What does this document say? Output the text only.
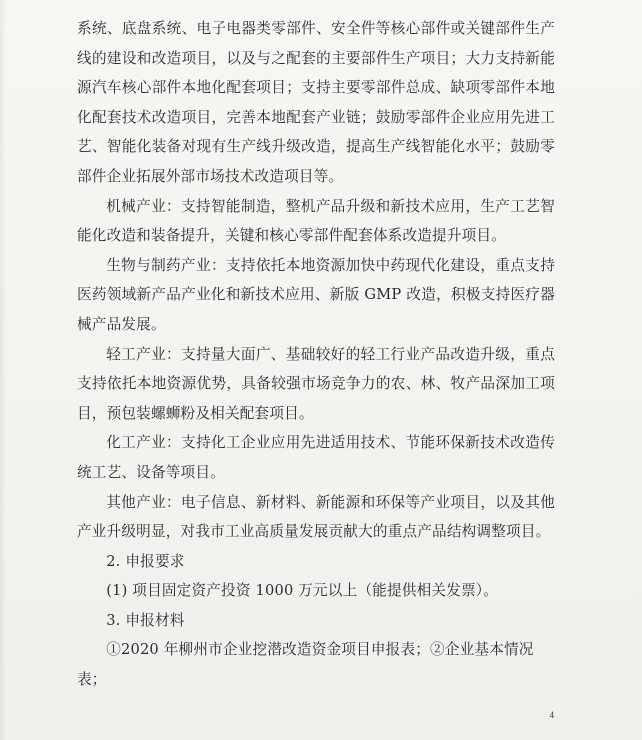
系统、底盘系统、电子电器类零部件、安全件等核心部件或关键部件生产线的建设和改造项目，以及与之配套的主要部件生产项目；大力支持新能源汽车核心部件本地化配套项目；支持主要零部件总成、缺项零部件本地化配套技术改造项目，完善本地配套产业链；鼓励零部件企业应用先进工艺、智能化装备对现有生产线升级改造，提高生产线智能化水平；鼓励零部件企业拓展外部市场技术改造项目等。

机械产业：支持智能制造，整机产品升级和新技术应用，生产工艺智能化改造和装备提升，关键和核心零部件配套体系改造提升项目。

生物与制药产业：支持依托本地资源加快中药现代化建设，重点支持医药领域新产品产业化和新技术应用、新版 GMP 改造，积极支持医疗器械产品发展。

轻工产业：支持量大面广、基础较好的轻工行业产品改造升级，重点支持依托本地资源优势，具备较强市场竞争力的农、林、牧产品深加工项目，预包装螺蛳粉及相关配套项目。

化工产业：支持化工企业应用先进适用技术、节能环保新技术改造传统工艺、设备等项目。

其他产业：电子信息、新材料、新能源和环保等产业项目，以及其他产业升级明显，对我市工业高质量发展贡献大的重点产品结构调整项目。

2. 申报要求

(1) 项目固定资产投资 1000 万元以上（能提供相关发票）。

3. 申报材料

①2020 年柳州市企业挖潜改造资金项目申报表；②企业基本情况表；

4
